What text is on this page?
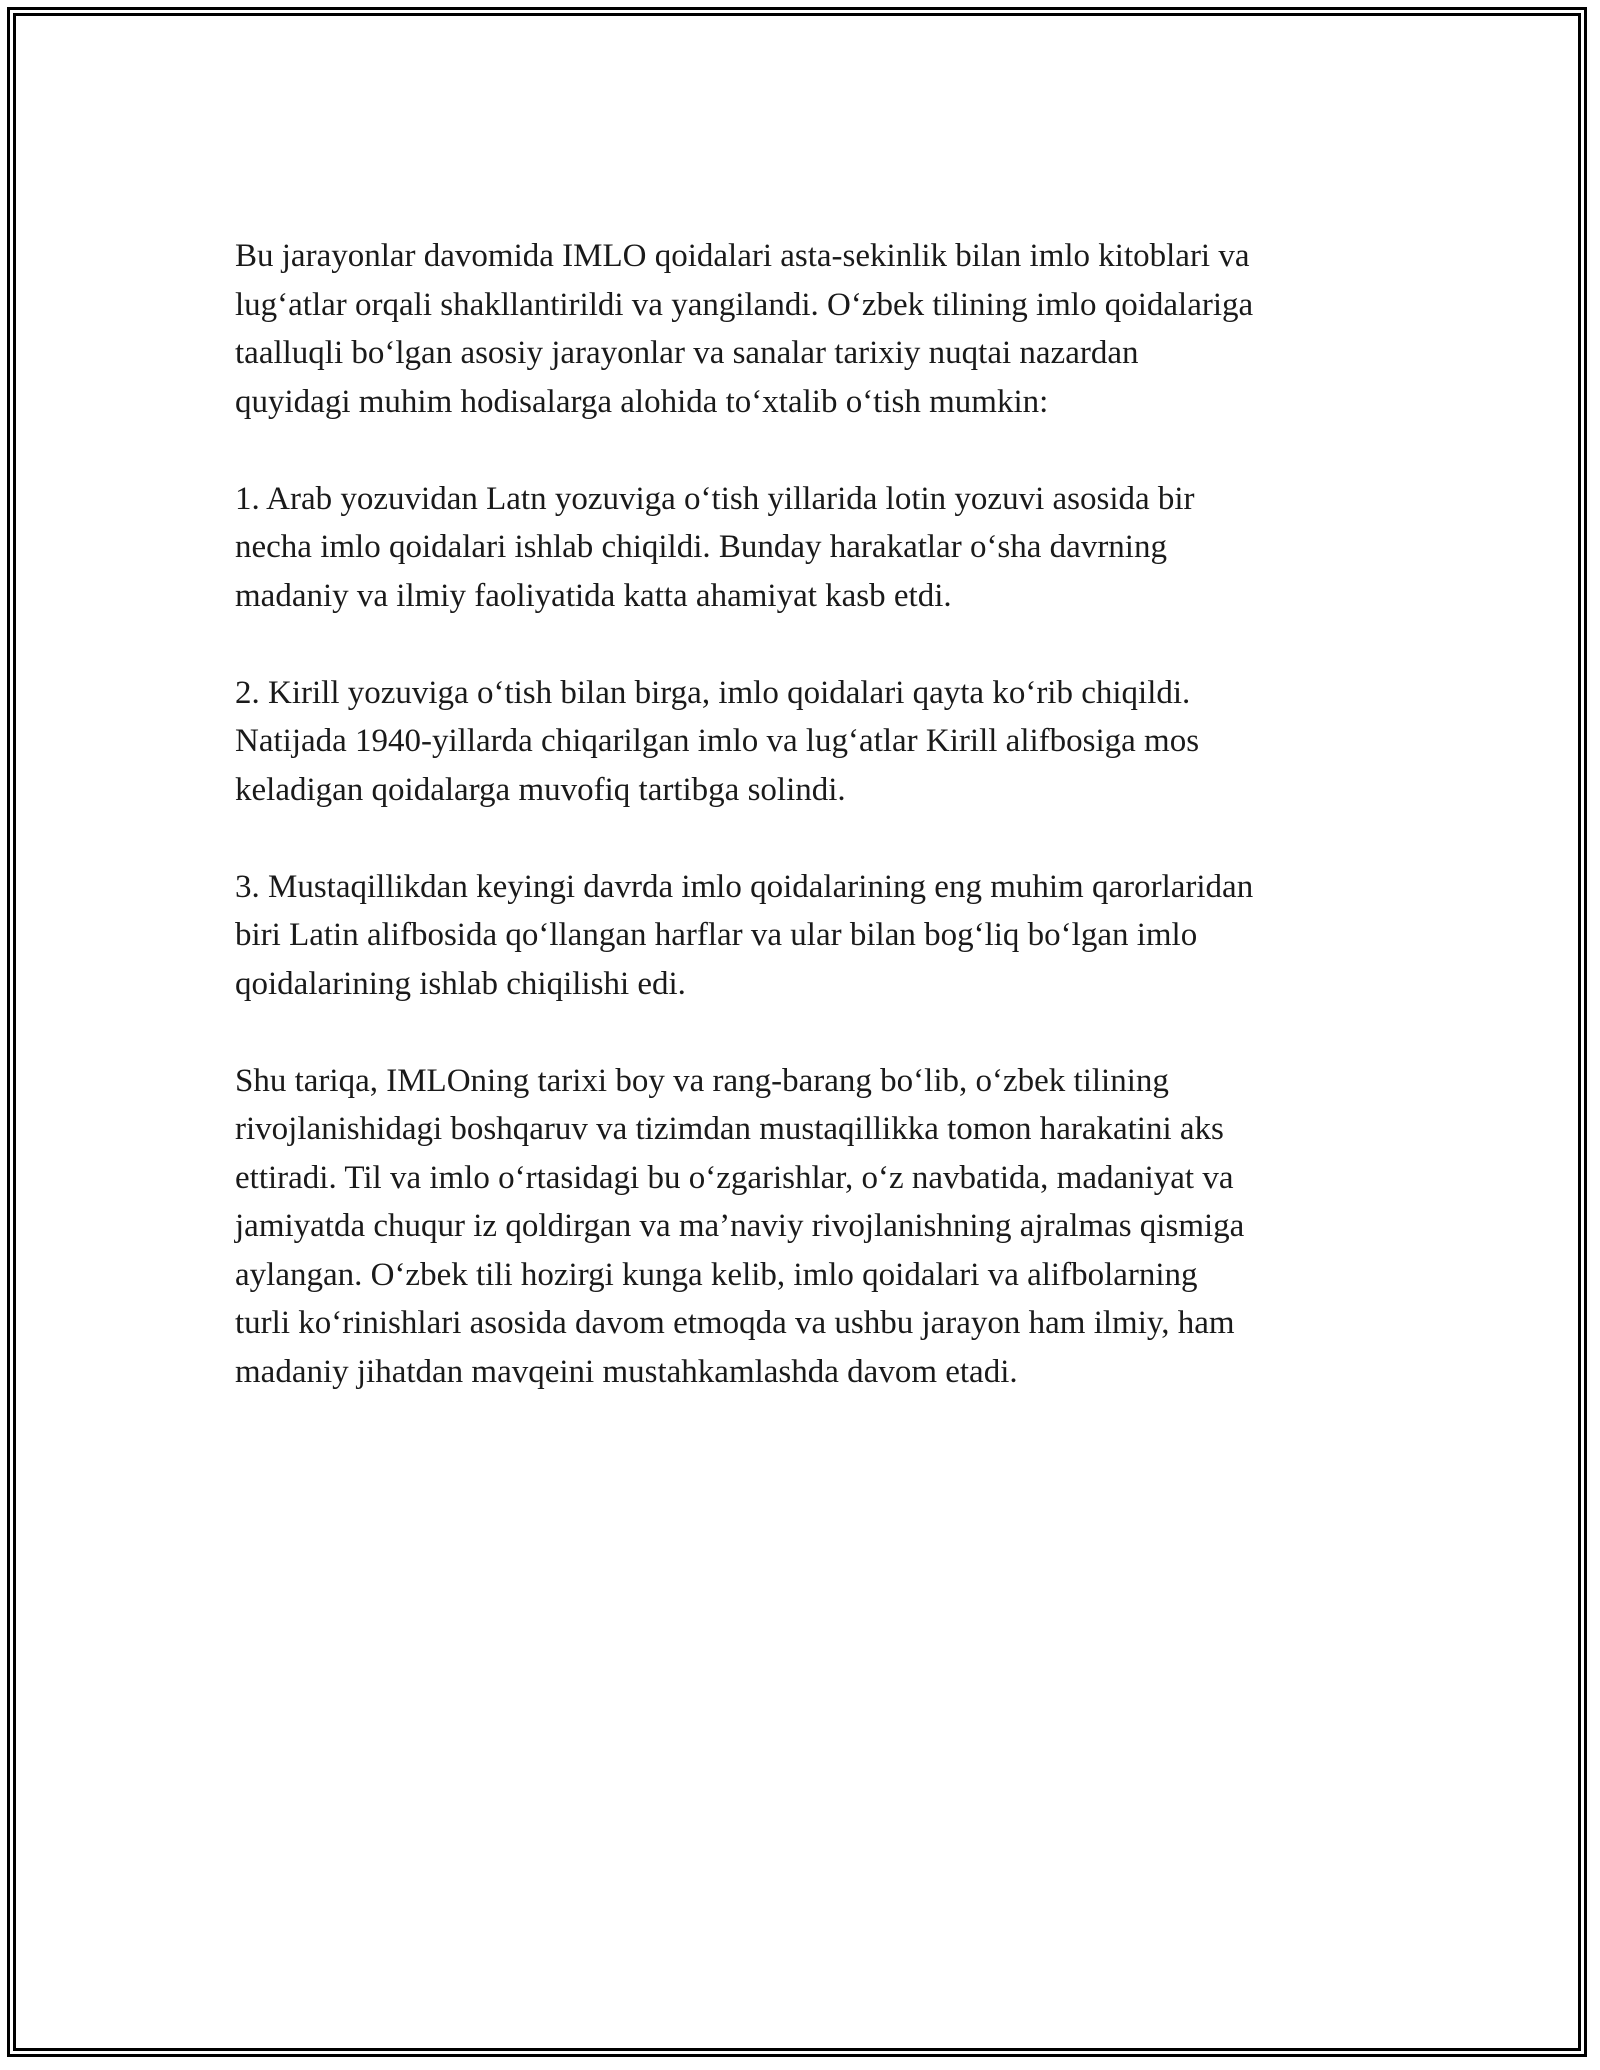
Bu jarayonlar davomida IMLO qoidalari asta-sekinlik bilan imlo kitoblari va
lug‘atlar orqali shakllantirildi va yangilandi. O‘zbek tilining imlo qoidalariga
taalluqli bo‘lgan asosiy jarayonlar va sanalar tarixiy nuqtai nazardan
quyidagi muhim hodisalarga alohida to‘xtalib o‘tish mumkin:

1. Arab yozuvidan Latn yozuviga o‘tish yillarida lotin yozuvi asosida bir
necha imlo qoidalari ishlab chiqildi. Bunday harakatlar o‘sha davrning
madaniy va ilmiy faoliyatida katta ahamiyat kasb etdi.

2. Kirill yozuviga o‘tish bilan birga, imlo qoidalari qayta ko‘rib chiqildi.
Natijada 1940-yillarda chiqarilgan imlo va lug‘atlar Kirill alifbosiga mos
keladigan qoidalarga muvofiq tartibga solindi.

3. Mustaqillikdan keyingi davrda imlo qoidalarining eng muhim qarorlaridan
biri Latin alifbosida qo‘llangan harflar va ular bilan bog‘liq bo‘lgan imlo
qoidalarining ishlab chiqilishi edi.

Shu tariqa, IMLOning tarixi boy va rang-barang bo‘lib, o‘zbek tilining
rivojlanishidagi boshqaruv va tizimdan mustaqillikka tomon harakatini aks
ettiradi. Til va imlo o‘rtasidagi bu o‘zgarishlar, o‘z navbatida, madaniyat va
jamiyatda chuqur iz qoldirgan va ma’naviy rivojlanishning ajralmas qismiga
aylangan. O‘zbek tili hozirgi kunga kelib, imlo qoidalari va alifbolarning
turli ko‘rinishlari asosida davom etmoqda va ushbu jarayon ham ilmiy, ham
madaniy jihatdan mavqeini mustahkamlashda davom etadi.
